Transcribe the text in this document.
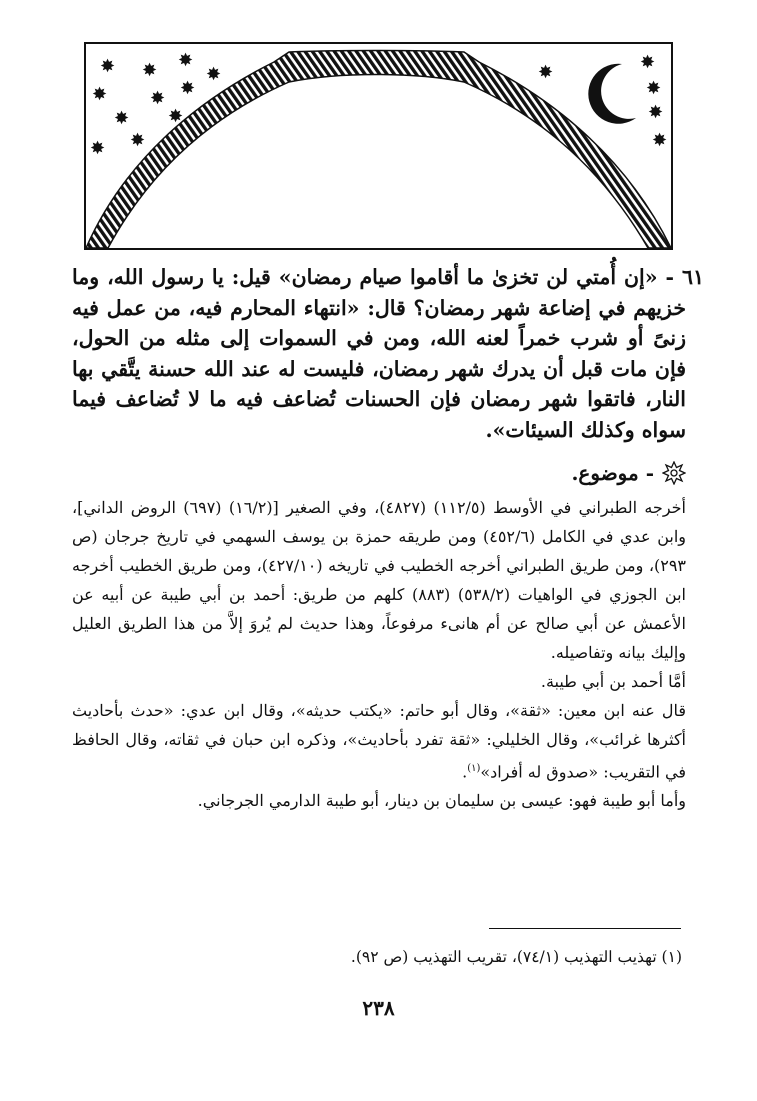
✸ ✸ ✸
✸
✸ ✸ ✸
✸ ✸
✸
✸
✸	✸
✸
✸
✸

٦١ - «إن أُمتي لن تخزىٰ ما أقاموا صيام رمضان» قيل: يا رسول الله، وما خزيهم في إضاعة شهر رمضان؟ قال: «انتهاء المحارم فيه، من عمل فيه زنىً أو شرب خمراً لعنه الله، ومن في السموات إلى مثله من الحول، فإن مات قبل أن يدرك شهر رمضان، فليست له عند الله حسنة يتَّقي بها النار، فاتقوا شهر رمضان فإن الحسنات تُضاعف فيه ما لا تُضاعف فيما سواه وكذلك السيئات».

- موضوع.

أخرجه الطبراني في الأوسط (١١٢/٥) (٤٨٢٧)، وفي الصغير [(١٦/٢) (٦٩٧) الروض الداني]، وابن عدي في الكامل (٤٥٢/٦) ومن طريقه حمزة بن يوسف السهمي في تاريخ جرجان (ص ٢٩٣)، ومن طريق الطبراني أخرجه الخطيب في تاريخه (٤٢٧/١٠)، ومن طريق الخطيب أخرجه ابن الجوزي في الواهيات (٥٣٨/٢) (٨٨٣) كلهم من طريق: أحمد بن أبي طيبة عن أبيه عن الأعمش عن أبي صالح عن أم هانىء مرفوعاً، وهذا حديث لم يُروَ إلاَّ من هذا الطريق العليل وإليك بيانه وتفاصيله.

أمَّا أحمد بن أبي طيبة.

قال عنه ابن معين: «ثقة»، وقال أبو حاتم: «يكتب حديثه»، وقال ابن عدي: «حدث بأحاديث أكثرها غرائب»، وقال الخليلي: «ثقة تفرد بأحاديث»، وذكره ابن حبان في ثقاته، وقال الحافظ في التقريب: «صدوق له أفراد»$^{(١)}$.

وأما أبو طيبة فهو: عيسى بن سليمان بن دينار، أبو طيبة الدارمي الجرجاني.

(١) تهذيب التهذيب (٧٤/١)، تقريب التهذيب (ص ٩٢).
٢٣٨
